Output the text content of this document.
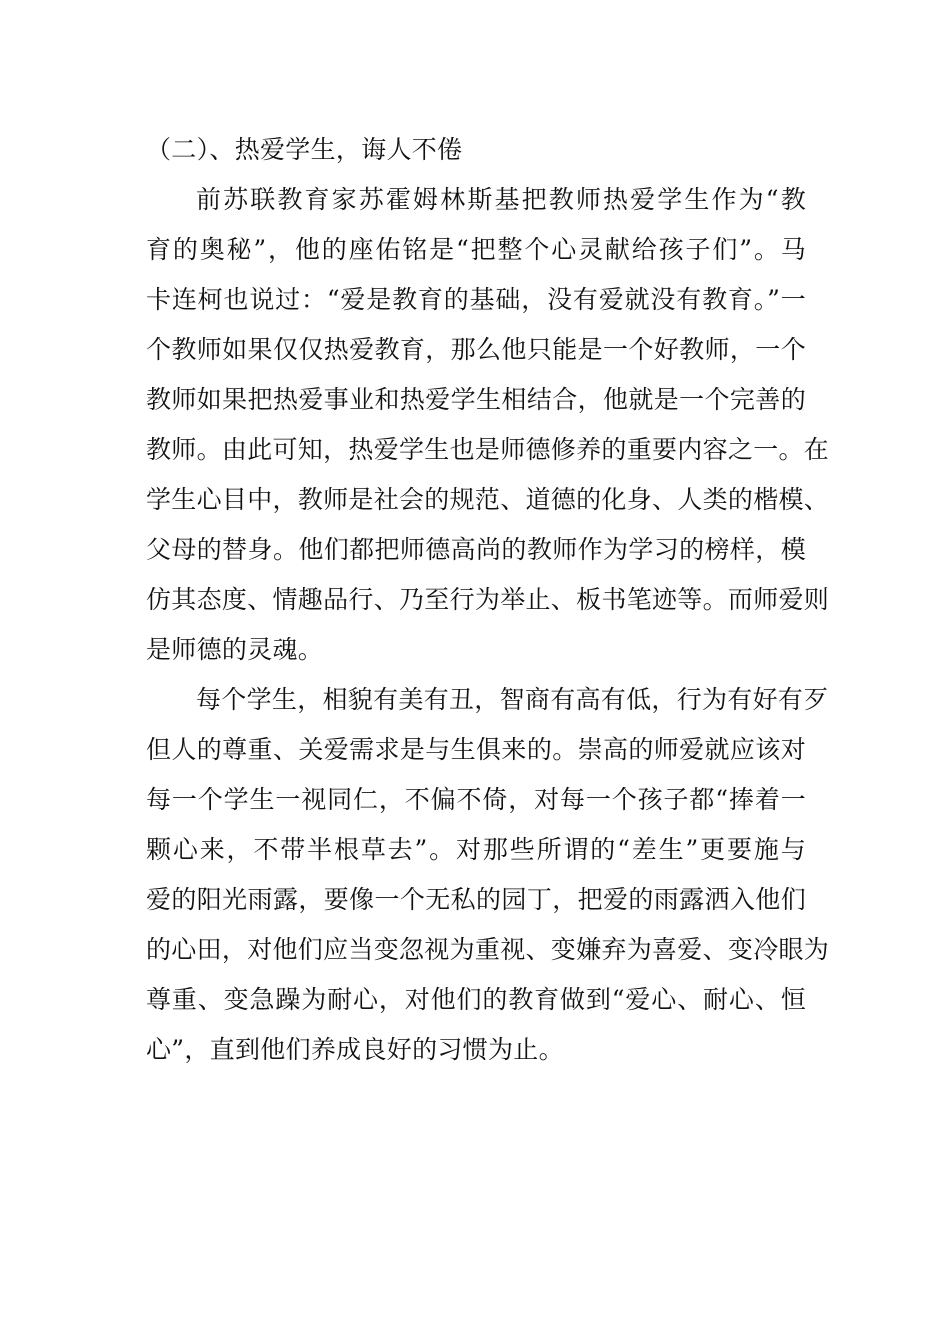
（二）、热爱学生，诲人不倦
前苏联教育家苏霍姆林斯基把教师热爱学生作为“教
育的奥秘”，他的座佑铭是“把整个心灵献给孩子们”。马
卡连柯也说过：“爱是教育的基础，没有爱就没有教育。”一
个教师如果仅仅热爱教育，那么他只能是一个好教师，一个
教师如果把热爱事业和热爱学生相结合，他就是一个完善的
教师。由此可知，热爱学生也是师德修养的重要内容之一。在
学生心目中，教师是社会的规范、道德的化身、人类的楷模、
父母的替身。他们都把师德高尚的教师作为学习的榜样，模
仿其态度、情趣品行、乃至行为举止、板书笔迹等。而师爱则
是师德的灵魂。
每个学生，相貌有美有丑，智商有高有低，行为有好有歹
但人的尊重、关爱需求是与生俱来的。崇高的师爱就应该对
每一个学生一视同仁，不偏不倚，对每一个孩子都“捧着一
颗心来，不带半根草去”。对那些所谓的“差生”更要施与
爱的阳光雨露，要像一个无私的园丁，把爱的雨露洒入他们
的心田，对他们应当变忽视为重视、变嫌弃为喜爱、变冷眼为
尊重、变急躁为耐心，对他们的教育做到“爱心、耐心、恒
心”，直到他们养成良好的习惯为止。
